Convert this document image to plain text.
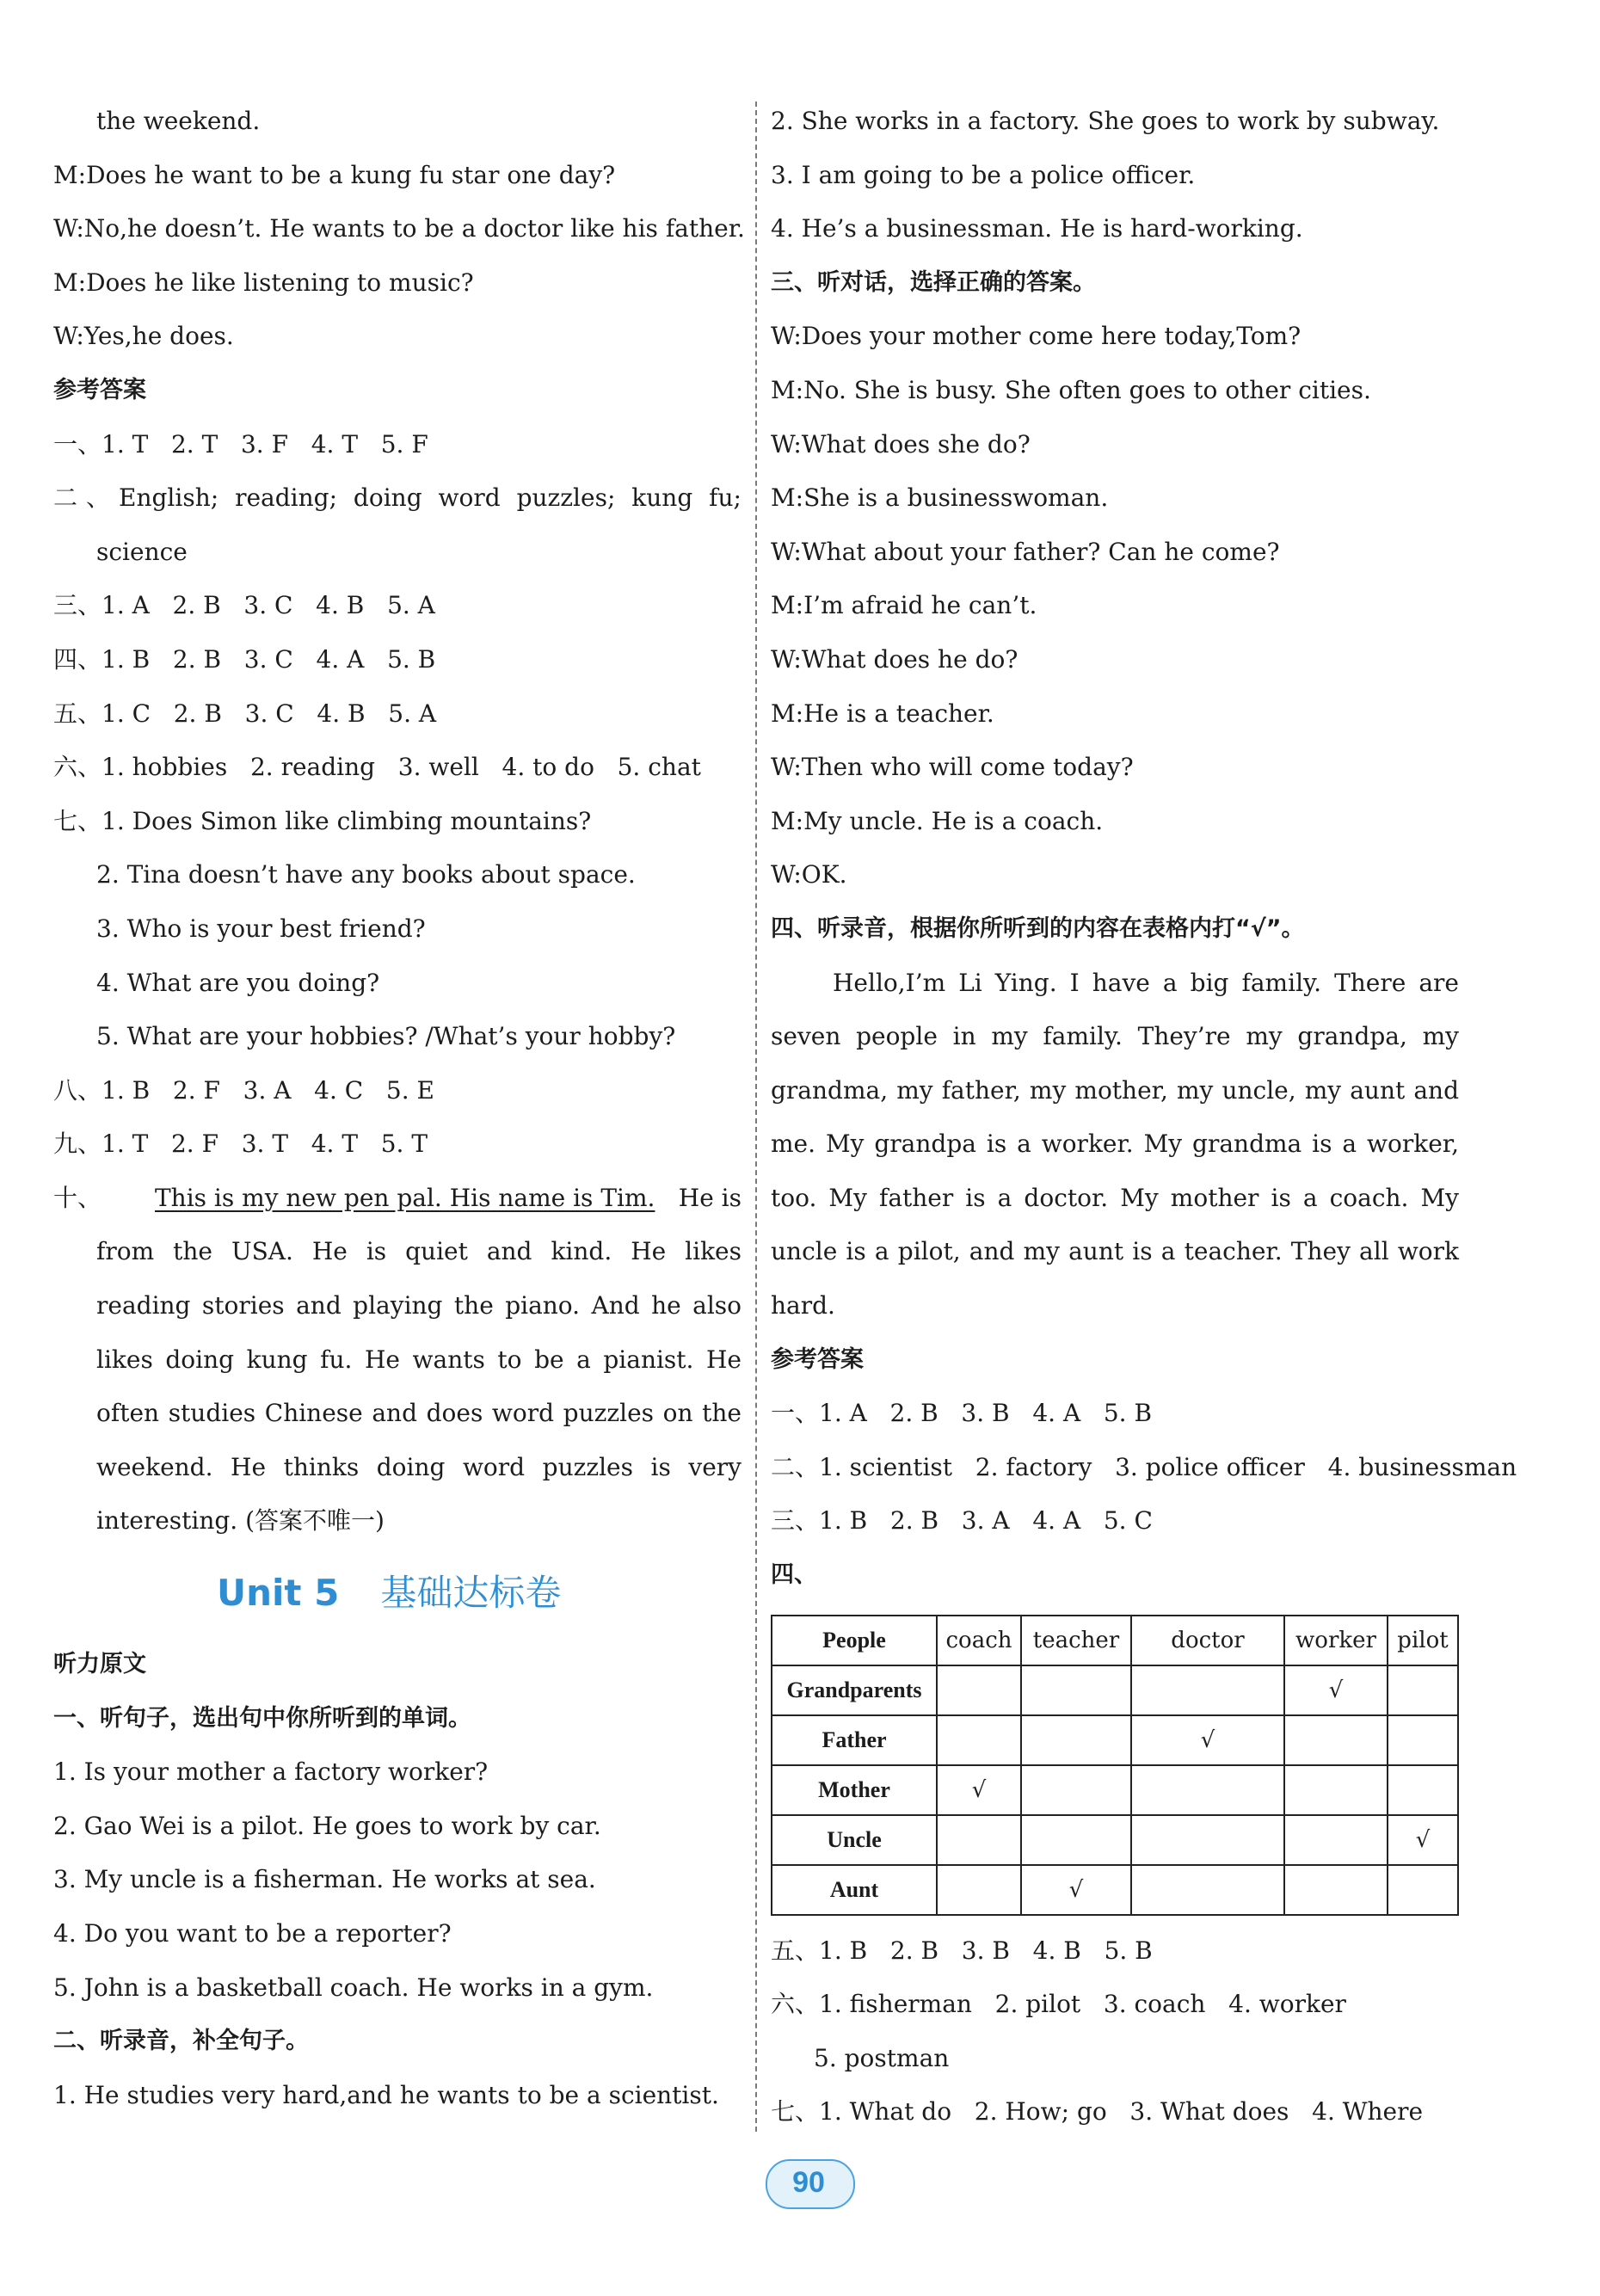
the weekend.
M:Does he want to be a kung fu star one day?
W:No,he doesn’t. He wants to be a doctor like his father.
M:Does he like listening to music?
W:Yes,he does.
参考答案
一、1. T   2. T   3. F   4. T   5. F
二、English; reading; doing word puzzles; kung fu;
science
三、1. A   2. B   3. C   4. B   5. A
四、1. B   2. B   3. C   4. A   5. B
五、1. C   2. B   3. C   4. B   5. A
六、1. hobbies   2. reading   3. well   4. to do   5. chat
七、1. Does Simon like climbing mountains?
2. Tina doesn’t have any books about space.
3. Who is your best friend?
4. What are you doing?
5. What are your hobbies? /What’s your hobby?
八、1. B   2. F   3. A   4. C   5. E
九、1. T   2. F   3. T   4. T   5. T
十、	This is my new pen pal. His name is Tim. He is
from the USA. He is quiet and kind. He likes
reading stories and playing the piano. And he also
likes doing kung fu. He wants to be a pianist. He
often studies Chinese and does word puzzles on the
weekend. He thinks doing word puzzles is very
interesting. (答案不唯一)
Unit 5 基础达标卷
听力原文
一、听句子，选出句中你所听到的单词。
1. Is your mother a factory worker?
2. Gao Wei is a pilot. He goes to work by car.
3. My uncle is a fisherman. He works at sea.
4. Do you want to be a reporter?
5. John is a basketball coach. He works in a gym.
二、听录音，补全句子。
1. He studies very hard,and he wants to be a scientist.
2. She works in a factory. She goes to work by subway.
3. I am going to be a police officer.
4. He’s a businessman. He is hard-working.
三、听对话，选择正确的答案。
W:Does your mother come here today,Tom?
M:No. She is busy. She often goes to other cities.
W:What does she do?
M:She is a businesswoman.
W:What about your father? Can he come?
M:I’m afraid he can’t.
W:What does he do?
M:He is a teacher.
W:Then who will come today?
M:My uncle. He is a coach.
W:OK.
四、听录音，根据你所听到的内容在表格内打“√”。
Hello,I’m Li Ying. I have a big family. There are
seven people in my family. They’re my grandpa, my
grandma, my father, my mother, my uncle, my aunt and
me. My grandpa is a worker. My grandma is a worker,
too. My father is a doctor. My mother is a coach. My
uncle is a pilot, and my aunt is a teacher. They all work
hard.
参考答案
一、1. A   2. B   3. B   4. A   5. B
二、1. scientist   2. factory   3. police officer   4. businessman
三、1. B   2. B   3. A   4. A   5. C
四、
People	coach	teacher	doctor	worker	pilot
Grandparents				√	
Father			√		
Mother	√				
Uncle					√
Aunt		√			
五、1. B   2. B   3. B   4. B   5. B
六、1. fisherman   2. pilot   3. coach   4. worker
5. postman
七、1. What do   2. How; go   3. What does   4. Where
90
